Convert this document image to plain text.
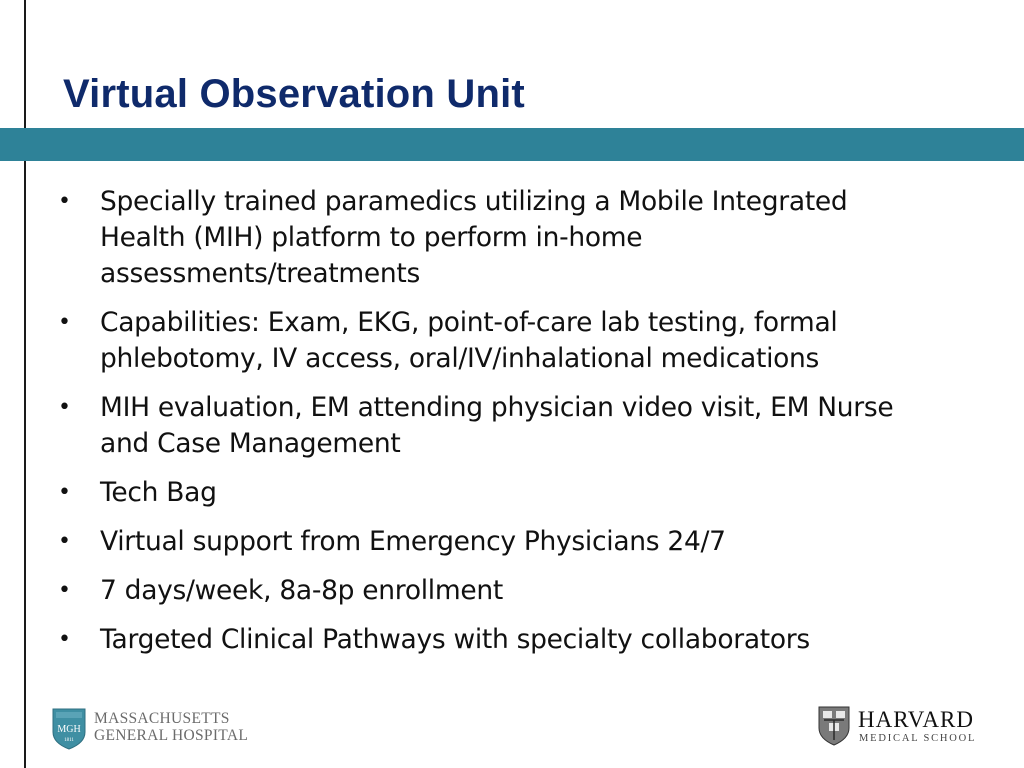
Virtual Observation Unit
•	Specially trained paramedics utilizing a Mobile Integrated
Health (MIH) platform to perform in-home
assessments/treatments
•	Capabilities: Exam, EKG, point-of-care lab testing, formal
phlebotomy, IV access, oral/IV/inhalational medications
•	MIH evaluation, EM attending physician video visit, EM Nurse
and Case Management
•	Tech Bag
•	Virtual support from Emergency Physicians 24/7
•	7 days/week, 8a-8p enrollment
•	Targeted Clinical Pathways with specialty collaborators
MGH
1811
MASSACHUSETTS
GENERAL HOSPITAL
HARVARD
MEDICAL SCHOOL
